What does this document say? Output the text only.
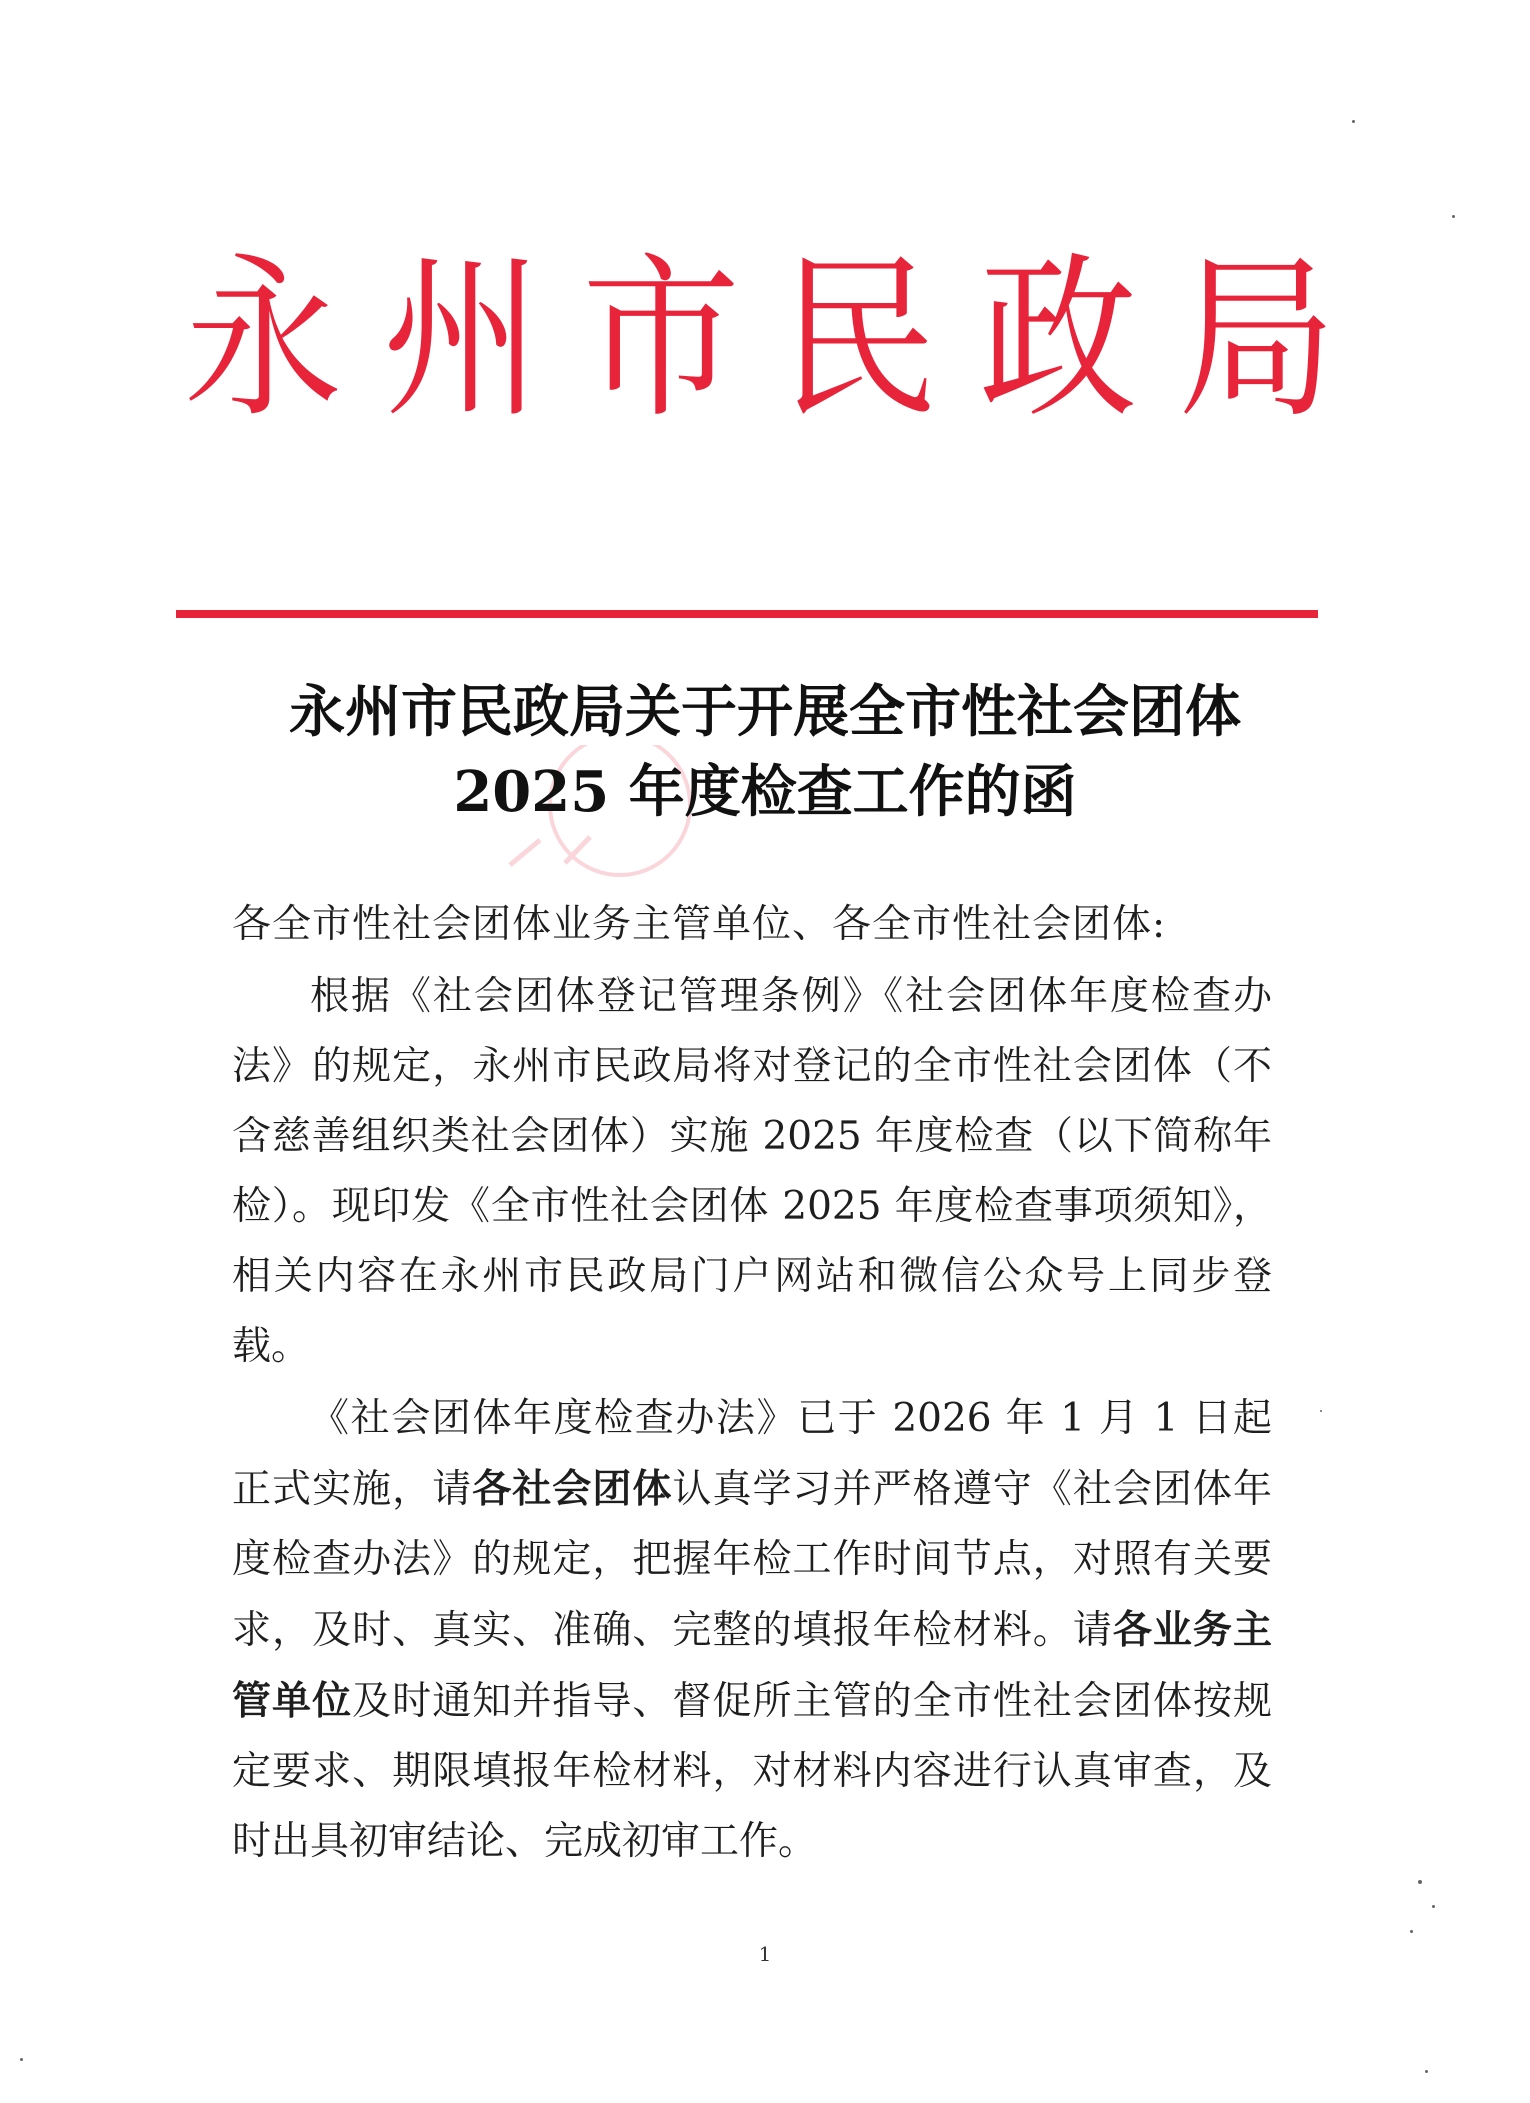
永 州 市 民 政 局
永州市民政局关于开展全市性社会团体
2025 年度检查工作的函

各全市性社会团体业务主管单位、各全市性社会团体:

根据《社会团体登记管理条例》《社会团体年度检查办法》的规定，永州市民政局将对登记的全市性社会团体（不含慈善组织类社会团体）实施 2025 年度检查（以下简称年检）。现印发《全市性社会团体 2025 年度检查事项须知》，相关内容在永州市民政局门户网站和微信公众号上同步登载。

《社会团体年度检查办法》已于 2026 年 1 月 1 日起正式实施，请各社会团体认真学习并严格遵守《社会团体年度检查办法》的规定，把握年检工作时间节点，对照有关要求，及时、真实、准确、完整的填报年检材料。请各业务主管单位及时通知并指导、督促所主管的全市性社会团体按规定要求、期限填报年检材料，对材料内容进行认真审查，及时出具初审结论、完成初审工作。

1
